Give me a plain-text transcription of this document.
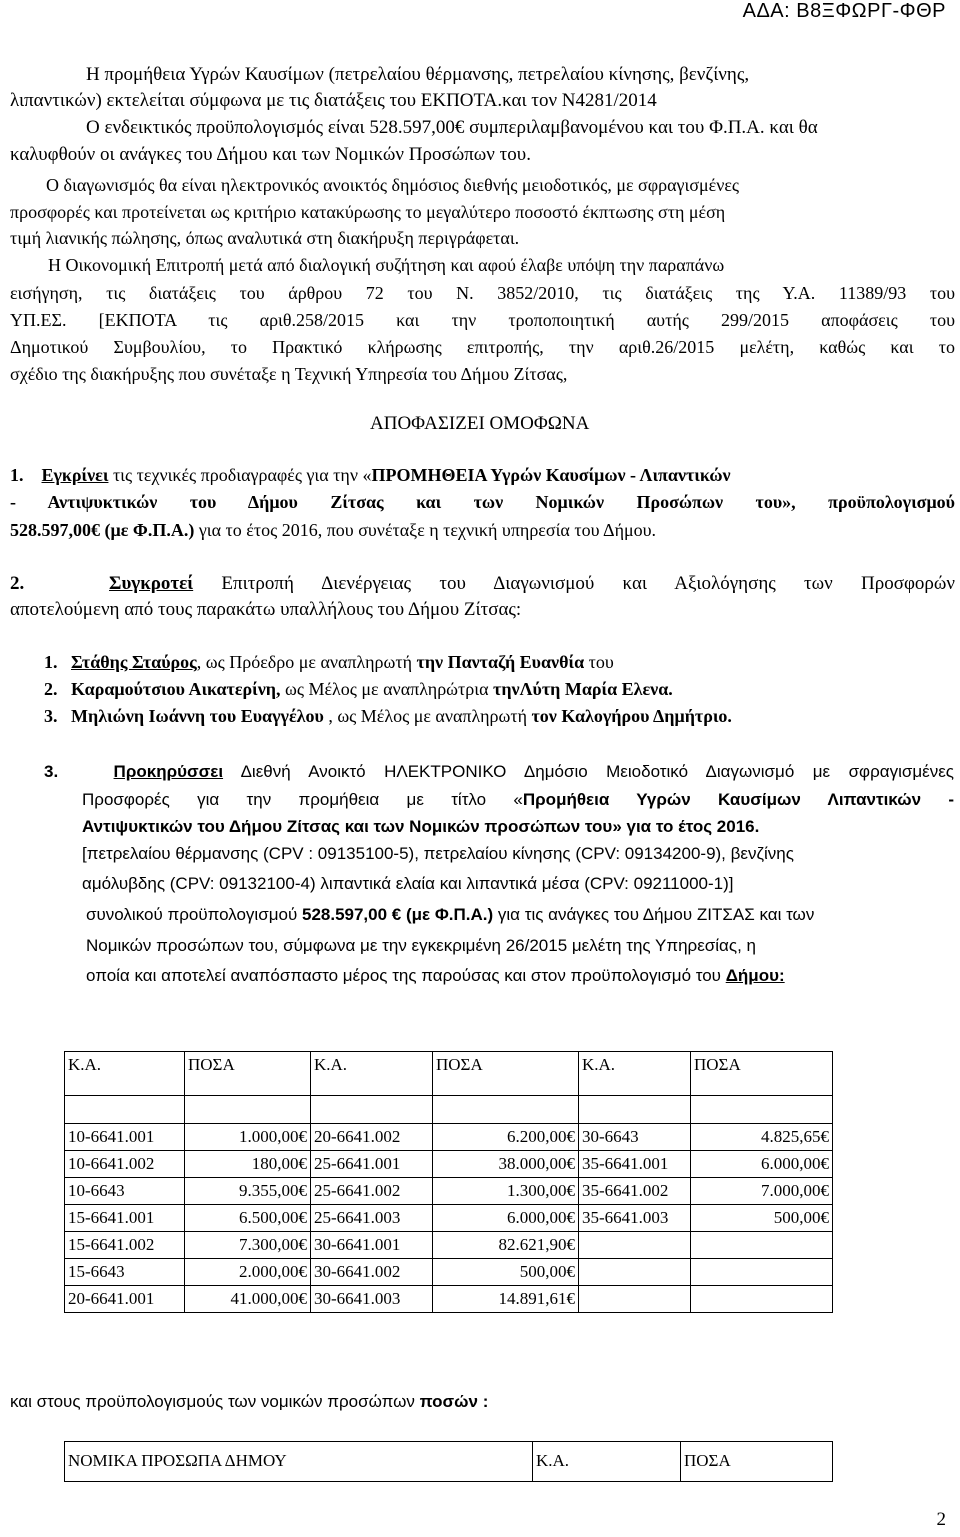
ΑΔΑ: Β8ΞΦΩΡΓ-ΦΘΡ
Η προμήθεια Υγρών Καυσίμων (πετρελαίου θέρμανσης, πετρελαίου κίνησης, βενζίνης,
λιπαντικών) εκτελείται σύμφωνα με τις διατάξεις του ΕΚΠΟΤΑ.και τον Ν4281/2014
Ο ενδεικτικός προϋπολογισμός είναι 528.597,00€ συμπεριλαμβανομένου και του Φ.Π.Α. και θα
καλυφθούν οι ανάγκες του Δήμου και των Νομικών Προσώπων του.
Ο διαγωνισμός θα είναι ηλεκτρονικός ανοικτός δημόσιος διεθνής μειοδοτικός, με σφραγισμένες
προσφορές και προτείνεται ως κριτήριο κατακύρωσης το μεγαλύτερο ποσοστό έκπτωσης στη μέση
τιμή λιανικής πώλησης, όπως αναλυτικά στη διακήρυξη περιγράφεται.
Η Οικονομική Επιτροπή μετά από διαλογική συζήτηση και αφού έλαβε υπόψη την παραπάνω
εισήγηση, τις διατάξεις του άρθρου 72 του Ν. 3852/2010, τις διατάξεις της Υ.Α. 11389/93 του
ΥΠ.ΕΣ. [ΕΚΠΟΤΑ τις αριθ.258/2015 και την τροποποιητική αυτής 299/2015 αποφάσεις του
Δημοτικού Συμβουλίου, το Πρακτικό κλήρωσης επιτροπής, την αριθ.26/2015 μελέτη, καθώς και το
σχέδιο της διακήρυξης που συνέταξε η Τεχνική Υπηρεσία του Δήμου Ζίτσας,
ΑΠΟΦΑΣΙΖΕΙ ΟΜΟΦΩΝΑ
1. Εγκρίνει τις τεχνικές προδιαγραφές για την «ΠΡΟΜΗΘΕΙΑ Υγρών Καυσίμων - Λιπαντικών
- Αντιψυκτικών του Δήμου Ζίτσας και των Νομικών Προσώπων του», προϋπολογισμού
528.597,00€ (με Φ.Π.Α.) για το έτος 2016, που συνέταξε η τεχνική υπηρεσία του Δήμου.
2.	Συγκροτεί Επιτροπή Διενέργειας του Διαγωνισμού και Αξιολόγησης των Προσφορών
αποτελούμενη από τους παρακάτω υπαλλήλους του Δήμου Ζίτσας:
1. Στάθης Σταύρος, ως Πρόεδρο με αναπληρωτή την Πανταζή Ευανθία του
2. Καραμούτσιου Αικατερίνη, ως Μέλος με αναπληρώτρια τηνΛύτη Μαρία Ελενα.
3. Μηλιώνη Ιωάννη του Ευαγγέλου , ως Μέλος με αναπληρωτή τον Καλογήρου Δημήτριο.
3.	Προκηρύσσει Διεθνή Ανοικτό ΗΛΕΚΤΡΟΝΙΚΟ Δημόσιο Μειοδοτικό Διαγωνισμό με σφραγισμένες
Προσφορές για την προμήθεια με τίτλο «Προμήθεια Υγρών Καυσίμων Λιπαντικών -
Αντιψυκτικών του Δήμου Ζίτσας και των Νομικών προσώπων του» για το έτος 2016.
[πετρελαίου θέρμανσης (CPV : 09135100-5), πετρελαίου κίνησης (CPV: 09134200-9), βενζίνης
αμόλυβδης (CPV: 09132100-4) λιπαντικά ελαία και λιπαντικά μέσα (CPV: 09211000-1)]
συνολικού προϋπολογισμού 528.597,00 € (με Φ.Π.Α.) για τις ανάγκες του Δήμου ΖΙΤΣΑΣ και των
Νομικών προσώπων του, σύμφωνα με την εγκεκριμένη 26/2015 μελέτη της Υπηρεσίας, η
οποία και αποτελεί αναπόσπαστο μέρος της παρούσας και στον προϋπολογισμό του Δήμου:
Κ.Α.	ΠΟΣΑ	Κ.Α.	ΠΟΣΑ	Κ.Α.	ΠΟΣΑ

10-6641.001	1.000,00€	20-6641.002	6.200,00€	30-6643	4.825,65€
10-6641.002	180,00€	25-6641.001	38.000,00€	35-6641.001	6.000,00€
10-6643	9.355,00€	25-6641.002	1.300,00€	35-6641.002	7.000,00€
15-6641.001	6.500,00€	25-6641.003	6.000,00€	35-6641.003	500,00€
15-6641.002	7.300,00€	30-6641.001	82.621,90€		
15-6643	2.000,00€	30-6641.002	500,00€		
20-6641.001	41.000,00€	30-6641.003	14.891,61€		
και στους προϋπολογισμούς των νομικών προσώπων ποσών :
ΝΟΜΙΚΑ ΠΡΟΣΩΠΑ ΔΗΜΟΥ	Κ.Α.	ΠΟΣΑ
2
